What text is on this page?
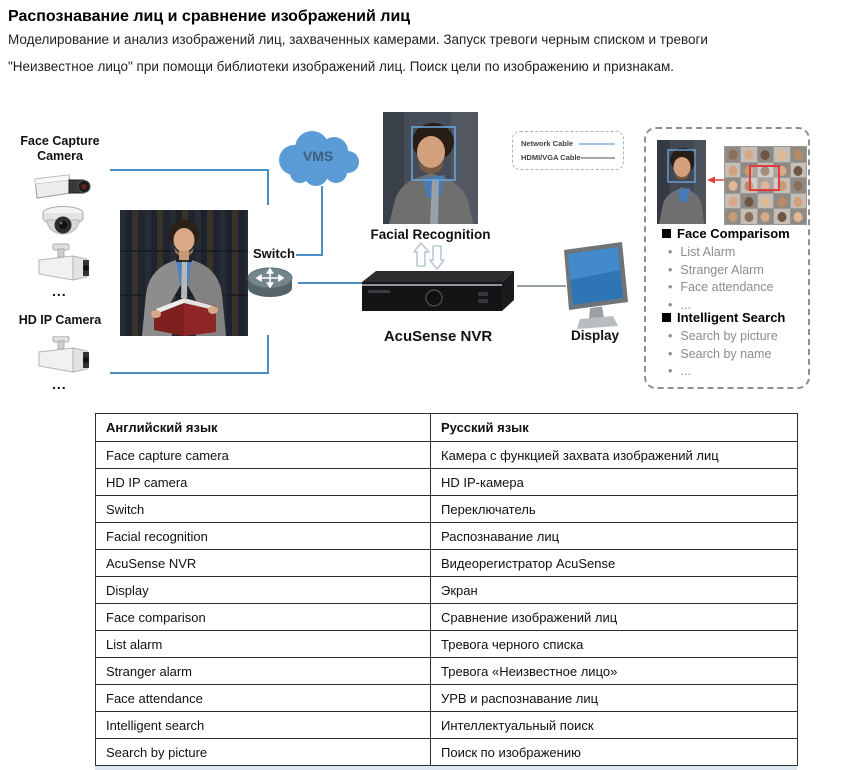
Распознавание лиц и сравнение изображений лиц
Моделирование и анализ изображений лиц, захваченных камерами. Запуск тревоги черным списком и тревоги
"Неизвестное лицо" при помощи библиотеки изображений лиц. Поиск цели по изображению и признакам.
Face Capture
Camera
...
HD IP Camera
...
VMS
Switch
Facial Recognition
AcuSense NVR	Display
Network Cable
HDMI/VGA Cable
Face Comparisom
• List Alarm
• Stranger Alarm
• Face attendance
• ...
Intelligent Search
• Search by picture
• Search by name
• ...
Английский язык	Русский язык
Face capture camera	Камера с функцией захвата изображений лиц
HD IP camera	HD IP-камера
Switch	Переключатель
Facial recognition	Распознавание лиц
AcuSense NVR	Видеорегистратор AcuSense
Display	Экран
Face comparison	Сравнение изображений лиц
List alarm	Тревога черного списка
Stranger alarm	Тревога «Неизвестное лицо»
Face attendance	УРВ и распознавание лиц
Intelligent search	Интеллектуальный поиск
Search by picture	Поиск по изображению
